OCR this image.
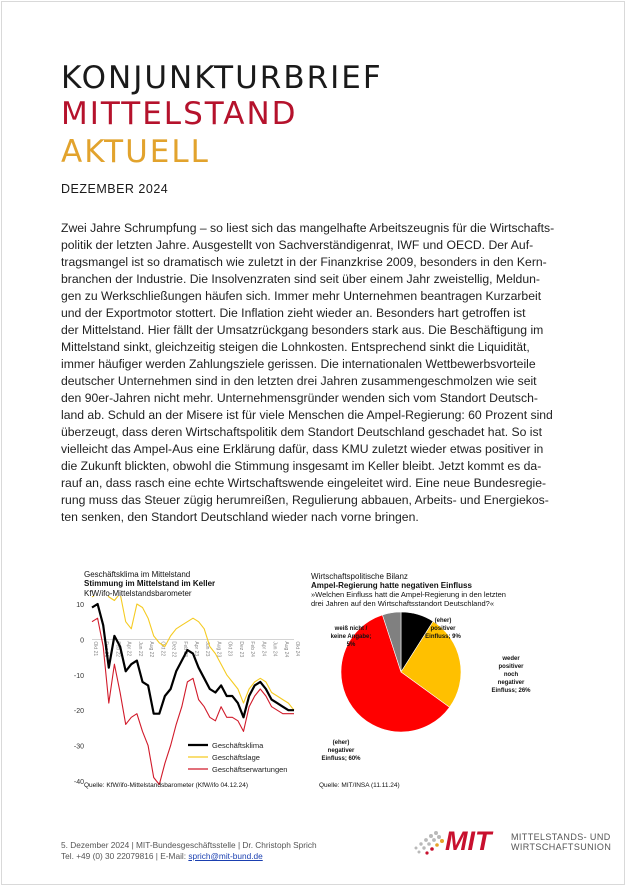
KONJUNKTURBRIEF
MITTELSTAND
AKTUELL
DEZEMBER 2024
Zwei Jahre Schrumpfung – so liest sich das mangelhafte Arbeitszeugnis für die Wirtschafts-
politik der letzten Jahre. Ausgestellt von Sachverständigenrat, IWF und OECD. Der Auf-
tragsmangel ist so dramatisch wie zuletzt in der Finanzkrise 2009, besonders in den Kern-
branchen der Industrie. Die Insolvenzraten sind seit über einem Jahr zweistellig, Meldun-
gen zu Werkschließungen häufen sich. Immer mehr Unternehmen beantragen Kurzarbeit
und der Exportmotor stottert. Die Inflation zieht wieder an. Besonders hart getroffen ist
der Mittelstand. Hier fällt der Umsatzrückgang besonders stark aus. Die Beschäftigung im
Mittelstand sinkt, gleichzeitig steigen die Lohnkosten. Entsprechend sinkt die Liquidität,
immer häufiger werden Zahlungsziele gerissen. Die internationalen Wettbewerbsvorteile
deutscher Unternehmen sind in den letzten drei Jahren zusammengeschmolzen wie seit
den 90er-Jahren nicht mehr. Unternehmensgründer wenden sich vom Standort Deutsch-
land ab. Schuld an der Misere ist für viele Menschen die Ampel-Regierung: 60 Prozent sind
überzeugt, dass deren Wirtschaftspolitik dem Standort Deutschland geschadet hat. So ist
vielleicht das Ampel-Aus eine Erklärung dafür, dass KMU zuletzt wieder etwas positiver in
die Zukunft blickten, obwohl die Stimmung insgesamt im Keller bleibt. Jetzt kommt es da-
rauf an, dass rasch eine echte Wirtschaftswende eingeleitet wird. Eine neue Bundesregie-
rung muss das Steuer zügig herumreißen, Regulierung abbauen, Arbeits- und Energiekos-
ten senken, den Standort Deutschland wieder nach vorne bringen.
Geschäftsklima im Mittelstand
Stimmung im Mittelstand im Keller
KfW/ifo-Mittelstandsbarometer
10
0
-10
-20
-30
-40
Okt 21 Dez 21 Feb 22 Apr 22 Jun 22 Aug 22 Okt 22 Dez 22 Feb 23 Apr 23 Jun 23 Aug 23 Okt 23 Dez 23 Feb 24 Apr 24 Jun 24 Aug 24 Okt 24
Geschäftsklima
Geschäftslage
Geschäftserwartungen
Quelle: KfW/ifo-Mittelstandsbarometer (KfW/ifo 04.12.24)
Wirtschaftspolitische Bilanz
Ampel-Regierung hatte negativen Einfluss
»Welchen Einfluss hatt die Ampel-Regierung in den letzten
drei Jahren auf den Wirtschaftsstandort Deutschland?«
(eher)
positiver
Einfluss; 9%
weder
positiver
noch
negativer
Einfluss; 26%
(eher)
negativer
Einfluss; 60%
weiß nicht /
keine Angabe;
5%
Quelle: MIT/INSA (11.11.24)
5. Dezember 2024 | MIT-Bundesgeschäftsstelle | Dr. Christoph Sprich
Tel. +49 (0) 30 22079816 | E-Mail: sprich@mit-bund.de	MIT MITTELSTANDS- UND
WIRTSCHAFTSUNION
